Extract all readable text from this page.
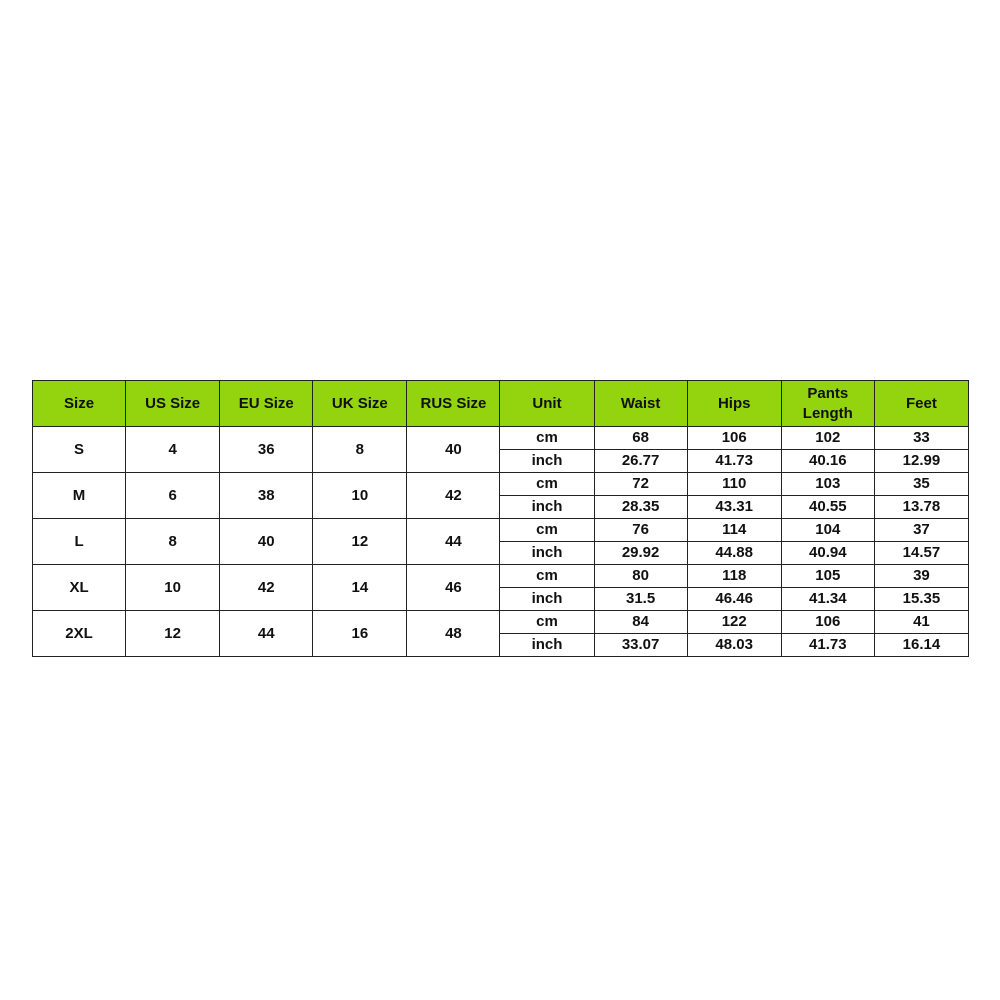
Size	US Size	EU Size	UK Size	RUS Size	Unit	Waist	Hips	Pants Length	Feet
S	4	36	8	40	cm	68	106	102	33
					inch	26.77	41.73	40.16	12.99
M	6	38	10	42	cm	72	110	103	35
					inch	28.35	43.31	40.55	13.78
L	8	40	12	44	cm	76	114	104	37
					inch	29.92	44.88	40.94	14.57
XL	10	42	14	46	cm	80	118	105	39
					inch	31.5	46.46	41.34	15.35
2XL	12	44	16	48	cm	84	122	106	41
					inch	33.07	48.03	41.73	16.14
